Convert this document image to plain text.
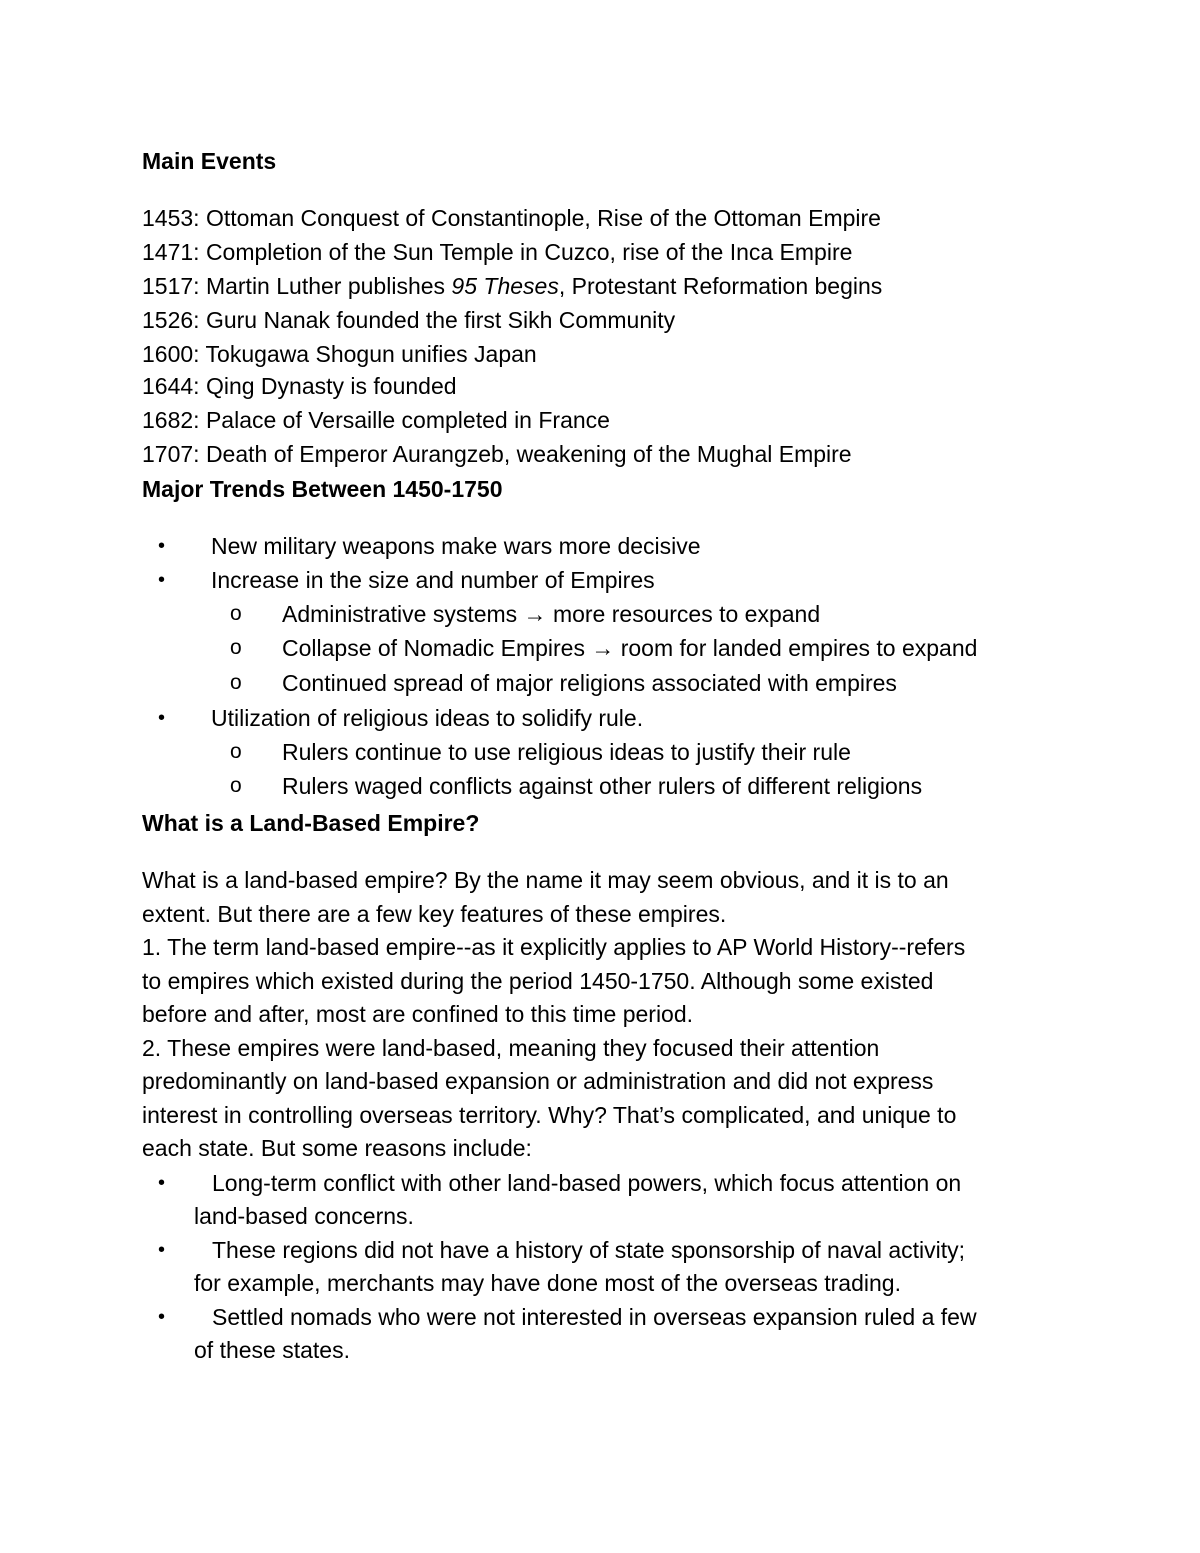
Main Events
1453: Ottoman Conquest of Constantinople, Rise of the Ottoman Empire
1471: Completion of the Sun Temple in Cuzco, rise of the Inca Empire
1517: Martin Luther publishes 95 Theses, Protestant Reformation begins
1526: Guru Nanak founded the first Sikh Community
1600: Tokugawa Shogun unifies Japan
1644: Qing Dynasty is founded
1682: Palace of Versaille completed in France
1707: Death of Emperor Aurangzeb, weakening of the Mughal Empire
Major Trends Between 1450-1750
• New military weapons make wars more decisive
• Increase in the size and number of Empires
o Administrative systems → more resources to expand
o Collapse of Nomadic Empires → room for landed empires to expand
o Continued spread of major religions associated with empires
• Utilization of religious ideas to solidify rule.
o Rulers continue to use religious ideas to justify their rule
o Rulers waged conflicts against other rulers of different religions
What is a Land-Based Empire?
What is a land-based empire? By the name it may seem obvious, and it is to an
extent. But there are a few key features of these empires.
1. The term land-based empire--as it explicitly applies to AP World History--refers
to empires which existed during the period 1450-1750. Although some existed
before and after, most are confined to this time period.
2. These empires were land-based, meaning they focused their attention
predominantly on land-based expansion or administration and did not express
interest in controlling overseas territory. Why? That’s complicated, and unique to
each state. But some reasons include:
• Long-term conflict with other land-based powers, which focus attention on
land-based concerns.
• These regions did not have a history of state sponsorship of naval activity;
for example, merchants may have done most of the overseas trading.
• Settled nomads who were not interested in overseas expansion ruled a few
of these states.
